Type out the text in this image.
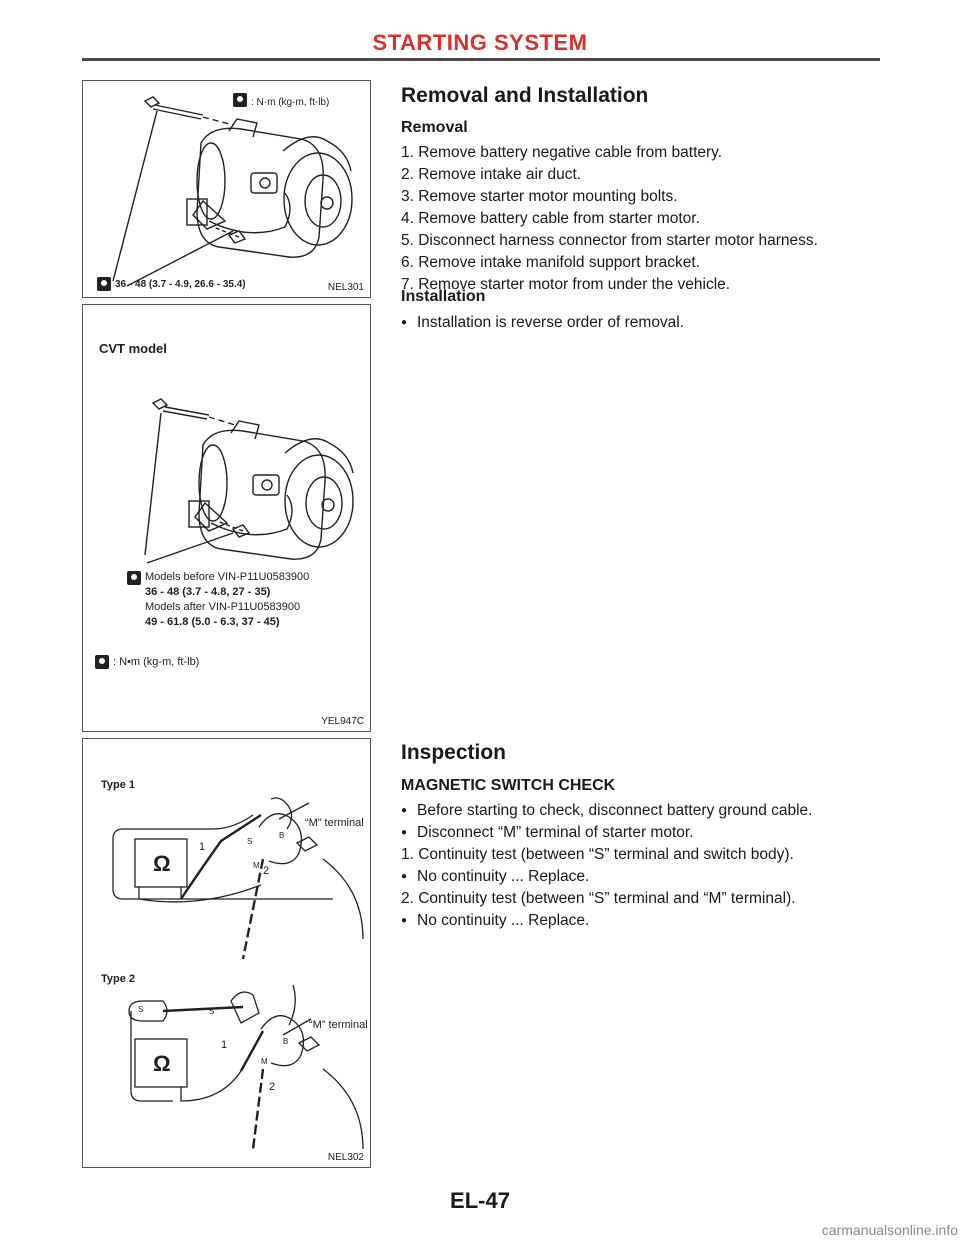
STARTING SYSTEM
: N·m (kg-m, ft-lb)
36 - 48 (3.7 - 4.9, 26.6 - 35.4)	NEL301
CVT model
Models before VIN-P11U0583900
36 - 48 (3.7 - 4.8, 27 - 35)
Models after VIN-P11U0583900
49 - 61.8 (5.0 - 6.3, 37 - 45)
: N•m (kg-m, ft-lb)
YEL947C
Type 1
“M” terminal
Ω
1
2
S
B
M
Type 2
“M” terminal
Ω
1
2
S	S
B
M
NEL302
Removal and Installation
Removal
1. Remove battery negative cable from battery.
2. Remove intake air duct.
3. Remove starter motor mounting bolts.
4. Remove battery cable from starter motor.
5. Disconnect harness connector from starter motor harness.
6. Remove intake manifold support bracket.
7. Remove starter motor from under the vehicle.
Installation
● Installation is reverse order of removal.
Inspection
MAGNETIC SWITCH CHECK
● Before starting to check, disconnect battery ground cable.
● Disconnect “M” terminal of starter motor.
1. Continuity test (between “S” terminal and switch body).
● No continuity ... Replace.
2. Continuity test (between “S” terminal and “M” terminal).
● No continuity ... Replace.
EL-47
carmanualsonline.info
